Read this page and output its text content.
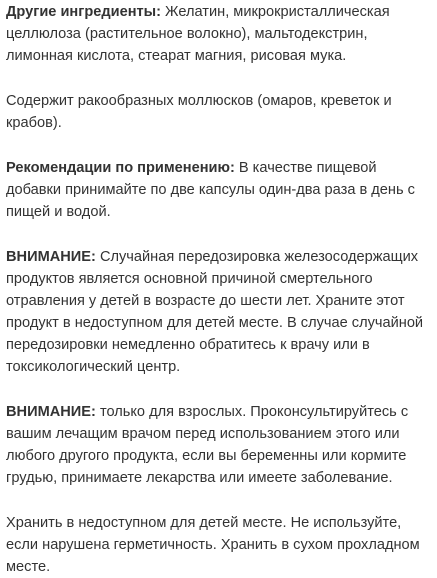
Другие ингредиенты: Желатин, микрокристаллическая целлюлоза (растительное волокно), мальтодекстрин, лимонная кислота, стеарат магния, рисовая мука.

Содержит ракообразных моллюсков (омаров, креветок и крабов).

Рекомендации по применению: В качестве пищевой добавки принимайте по две капсулы один-два раза в день с пищей и водой.

ВНИМАНИЕ: Случайная передозировка железосодержащих продуктов является основной причиной смертельного отравления у детей в возрасте до шести лет. Храните этот продукт в недоступном для детей месте. В случае случайной передозировки немедленно обратитесь к врачу или в токсикологический центр.

ВНИМАНИЕ: только для взрослых. Проконсультируйтесь с вашим лечащим врачом перед использованием этого или любого другого продукта, если вы беременны или кормите грудью, принимаете лекарства или имеете заболевание.

Хранить в недоступном для детей месте. Не используйте, если нарушена герметичность. Хранить в сухом прохладном месте.
